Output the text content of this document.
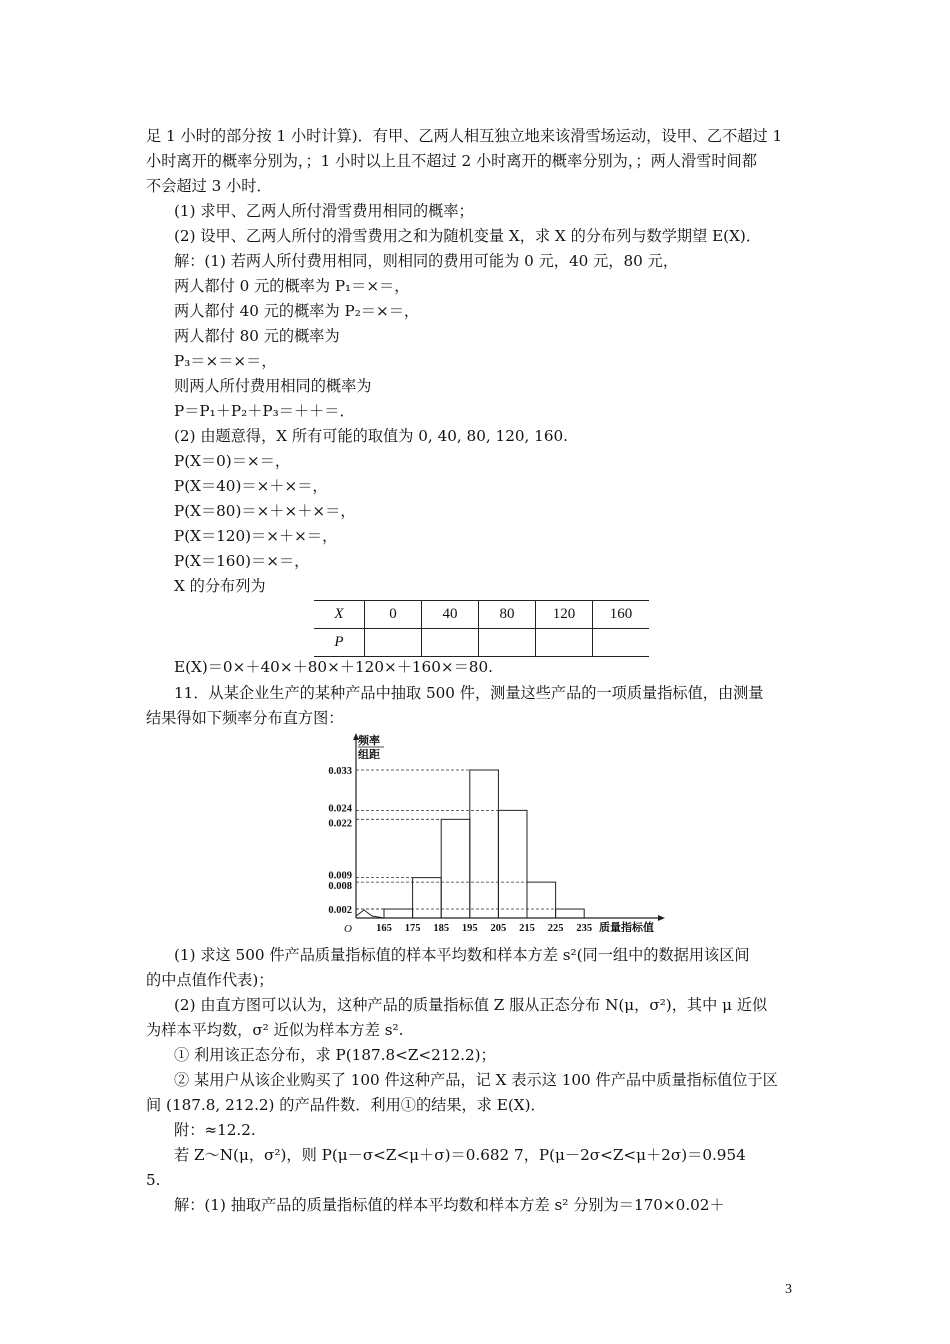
足 1 小时的部分按 1 小时计算)．有甲、乙两人相互独立地来该滑雪场运动，设甲、乙不超过 1
小时离开的概率分别为，；1 小时以上且不超过 2 小时离开的概率分别为，；两人滑雪时间都
不会超过 3 小时．
(1) 求甲、乙两人所付滑雪费用相同的概率；
(2) 设甲、乙两人所付的滑雪费用之和为随机变量 X，求 X 的分布列与数学期望 E(X)．
解：(1) 若两人所付费用相同，则相同的费用可能为 0 元，40 元，80 元，
两人都付 0 元的概率为 P₁＝×＝，
两人都付 40 元的概率为 P₂＝×＝，
两人都付 80 元的概率为
P₃＝×＝×＝，
则两人所付费用相同的概率为
P＝P₁＋P₂＋P₃＝＋＋＝．
(2) 由题意得，X 所有可能的取值为 0, 40, 80, 120, 160.
P(X＝0)＝×＝，
P(X＝40)＝×＋×＝，
P(X＝80)＝×＋×＋×＝，
P(X＝120)＝×＋×＝，
P(X＝160)＝×＝，
X 的分布列为
X	0	40	80	120	160
P					
E(X)＝0×＋40×＋80×＋120×＋160×＝80.
11．从某企业生产的某种产品中抽取 500 件，测量这些产品的一项质量指标值，由测量
结果得如下频率分布直方图：
0.002
0.008
0.009
0.022
0.024
0.033
165 175 185 195 205 215 225 235
O
频率
组距
质量指标值
(1) 求这 500 件产品质量指标值的样本平均数和样本方差 s²(同一组中的数据用该区间
的中点值作代表)；
(2) 由直方图可以认为，这种产品的质量指标值 Z 服从正态分布 N(μ，σ²)，其中 μ 近似
为样本平均数，σ² 近似为样本方差 s².
① 利用该正态分布，求 P(187.8<Z<212.2)；
② 某用户从该企业购买了 100 件这种产品，记 X 表示这 100 件产品中质量指标值位于区
间 (187.8, 212.2) 的产品件数．利用①的结果，求 E(X)．
附：≈12.2.
若 Z～N(μ，σ²)，则 P(μ－σ<Z<μ＋σ)＝0.682 7，P(μ－2σ<Z<μ＋2σ)＝0.954
5.
解：(1) 抽取产品的质量指标值的样本平均数和样本方差 s² 分别为＝170×0.02＋
3
